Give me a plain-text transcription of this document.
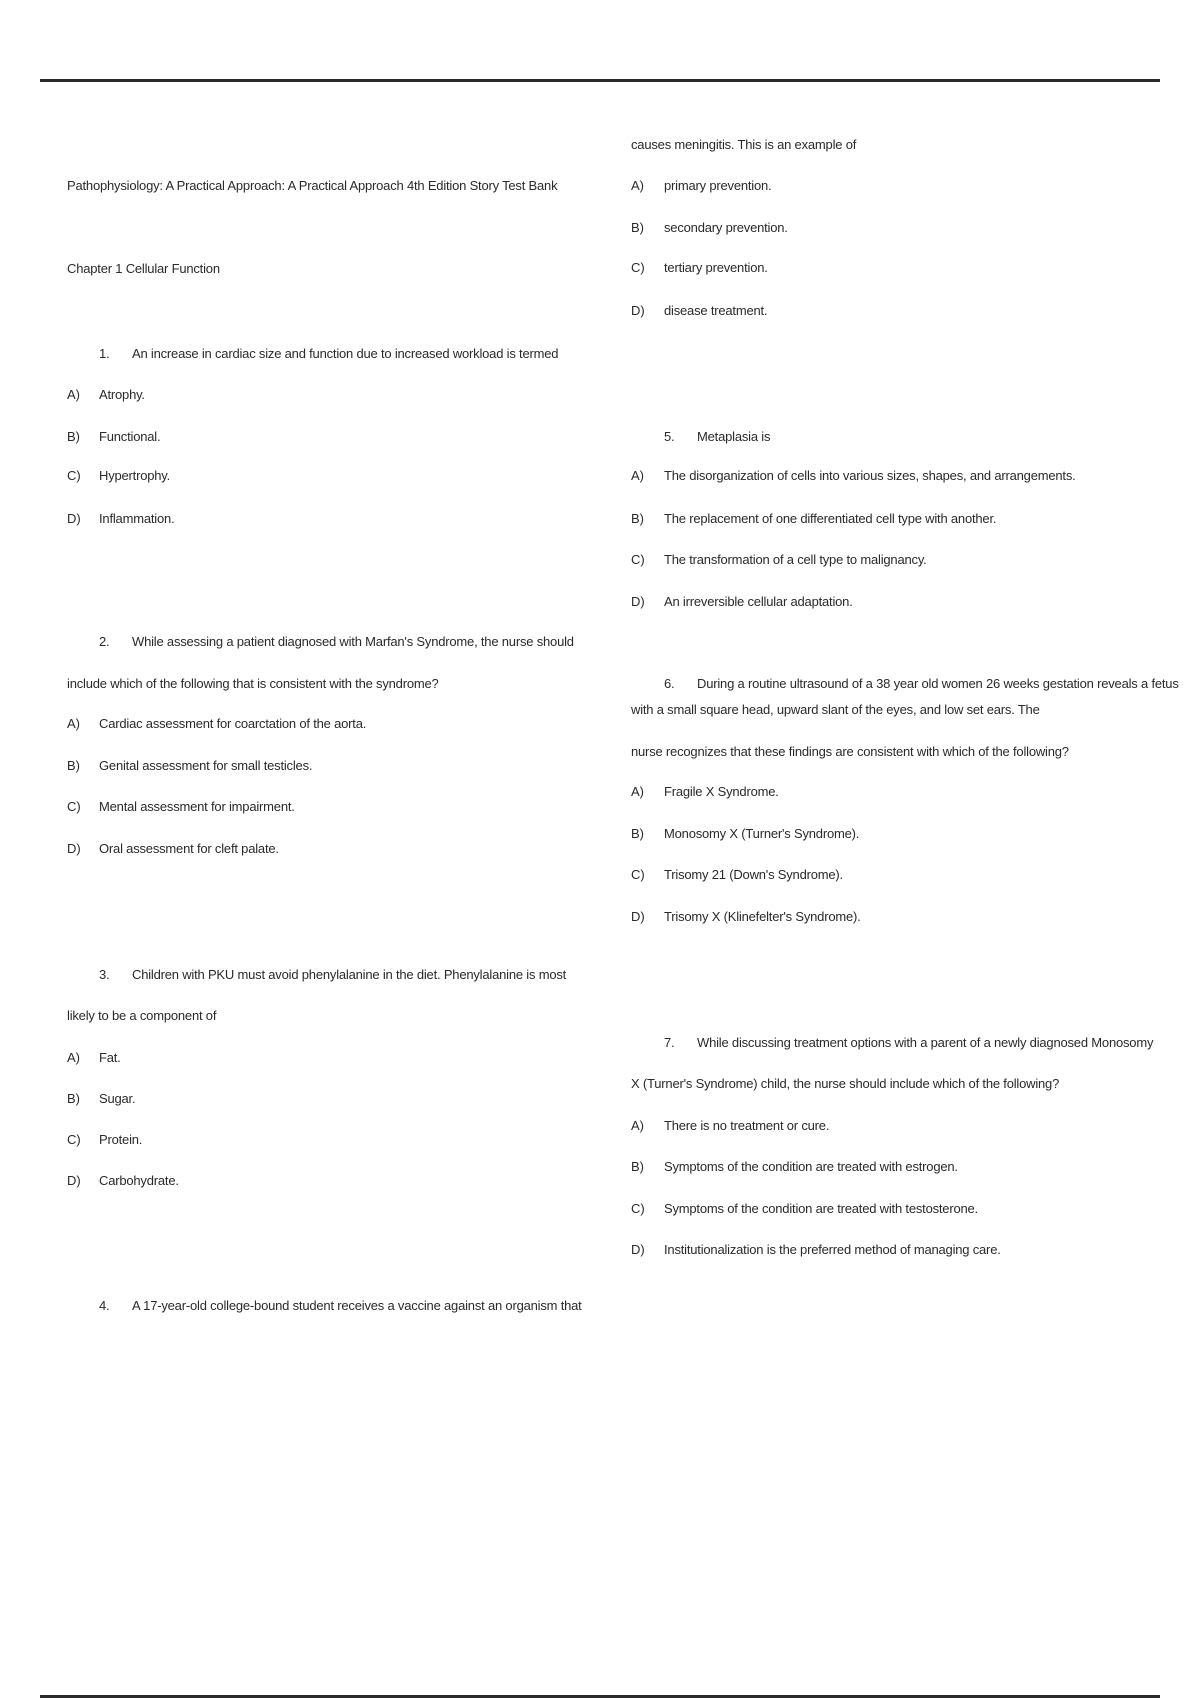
Pathophysiology: A Practical Approach: A Practical Approach 4th Edition Story Test Bank
Chapter 1 Cellular Function
1. An increase in cardiac size and function due to increased workload is termed
A) Atrophy.
B) Functional.
C) Hypertrophy.
D) Inflammation.
2. While assessing a patient diagnosed with Marfan's Syndrome, the nurse should
include which of the following that is consistent with the syndrome?
A) Cardiac assessment for coarctation of the aorta.
B) Genital assessment for small testicles.
C) Mental assessment for impairment.
D) Oral assessment for cleft palate.
3. Children with PKU must avoid phenylalanine in the diet. Phenylalanine is most
likely to be a component of
A) Fat.
B) Sugar.
C) Protein.
D) Carbohydrate.
4. A 17-year-old college-bound student receives a vaccine against an organism that
causes meningitis. This is an example of
A) primary prevention.
B) secondary prevention.
C) tertiary prevention.
D) disease treatment.
5. Metaplasia is
A) The disorganization of cells into various sizes, shapes, and arrangements.
B) The replacement of one differentiated cell type with another.
C) The transformation of a cell type to malignancy.
D) An irreversible cellular adaptation.
6. During a routine ultrasound of a 38 year old women 26 weeks gestation reveals a fetus
with a small square head, upward slant of the eyes, and low set ears. The
nurse recognizes that these findings are consistent with which of the following?
A) Fragile X Syndrome.
B) Monosomy X (Turner's Syndrome).
C) Trisomy 21 (Down's Syndrome).
D) Trisomy X (Klinefelter's Syndrome).
7. While discussing treatment options with a parent of a newly diagnosed Monosomy
X (Turner's Syndrome) child, the nurse should include which of the following?
A) There is no treatment or cure.
B) Symptoms of the condition are treated with estrogen.
C) Symptoms of the condition are treated with testosterone.
D) Institutionalization is the preferred method of managing care.
